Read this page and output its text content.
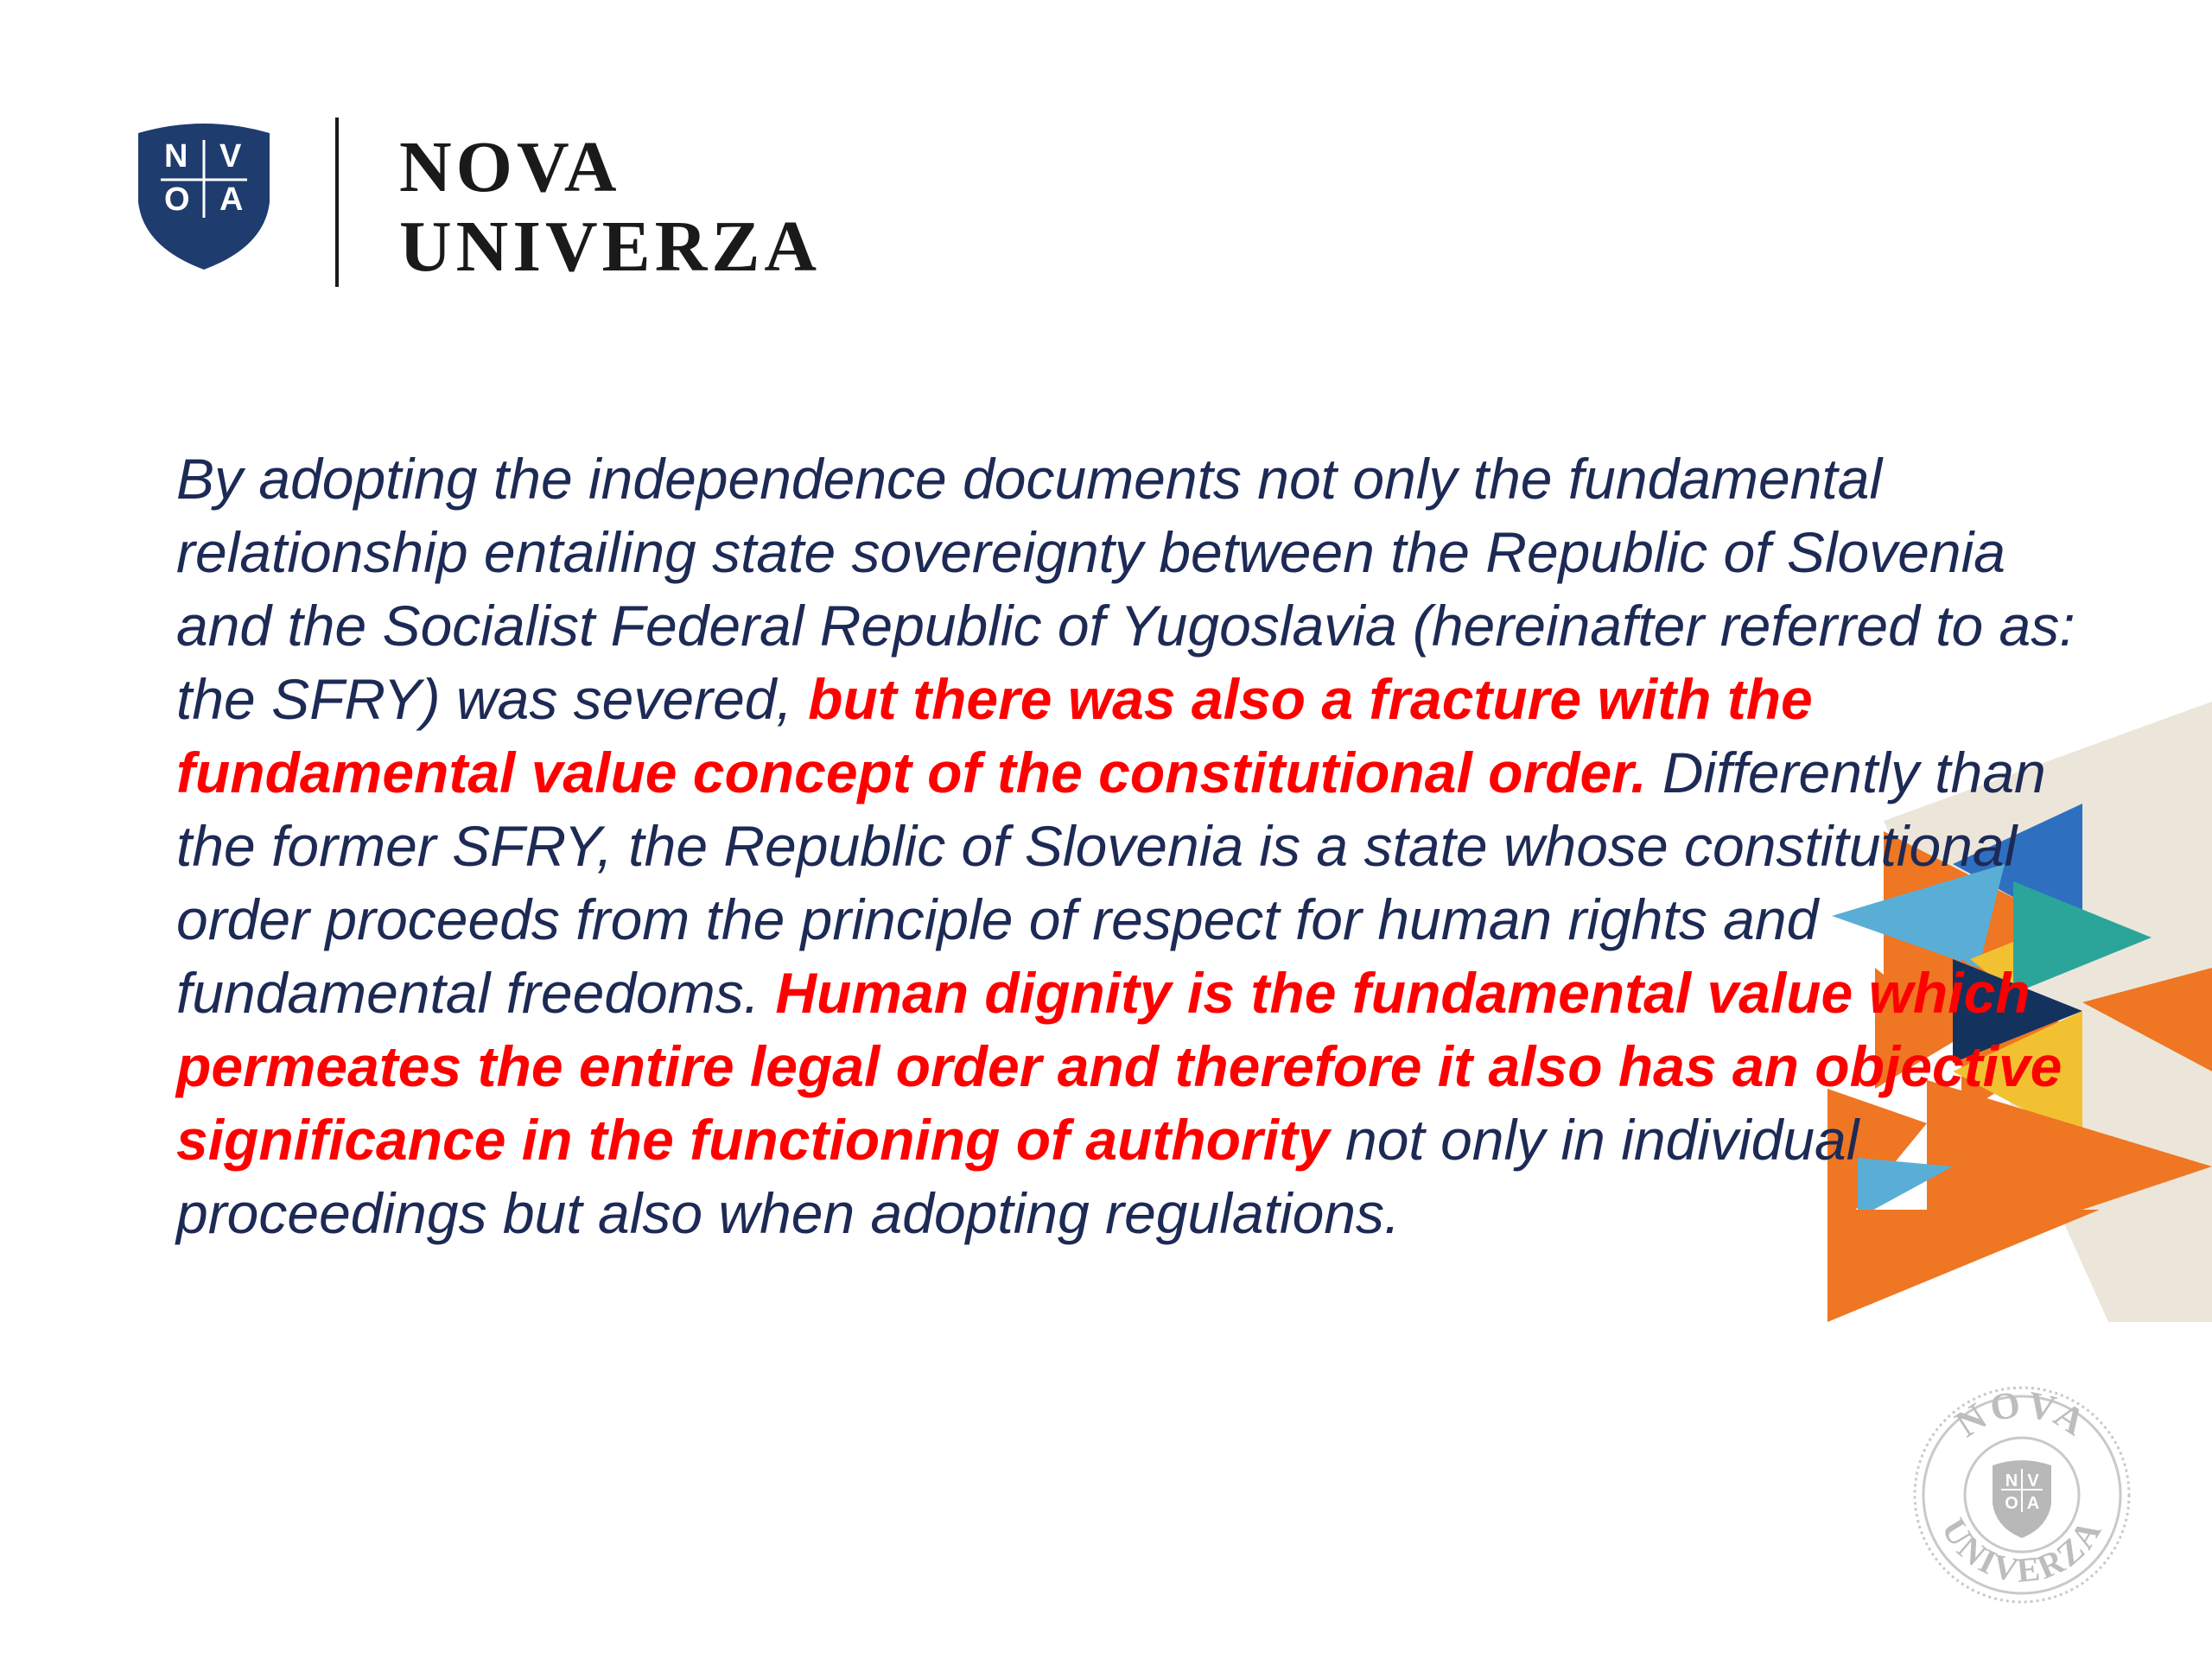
N V
O A NOVA
UNIVERZA

By adopting the independence documents not only the fundamental relationship entailing state sovereignty between the Republic of Slovenia and the Socialist Federal Republic of Yugoslavia (hereinafter referred to as: the SFRY) was severed, but there was also a fracture with the fundamental value concept of the constitutional order. Differently than the former SFRY, the Republic of Slovenia is a state whose constitutional order proceeds from the principle of respect for human rights and fundamental freedoms. Human dignity is the fundamental value which permeates the entire legal order and therefore it also has an objective significance in the functioning of authority not only in individual proceedings but also when adopting regulations.

NOVA
UNIVERZA
N V
O A
